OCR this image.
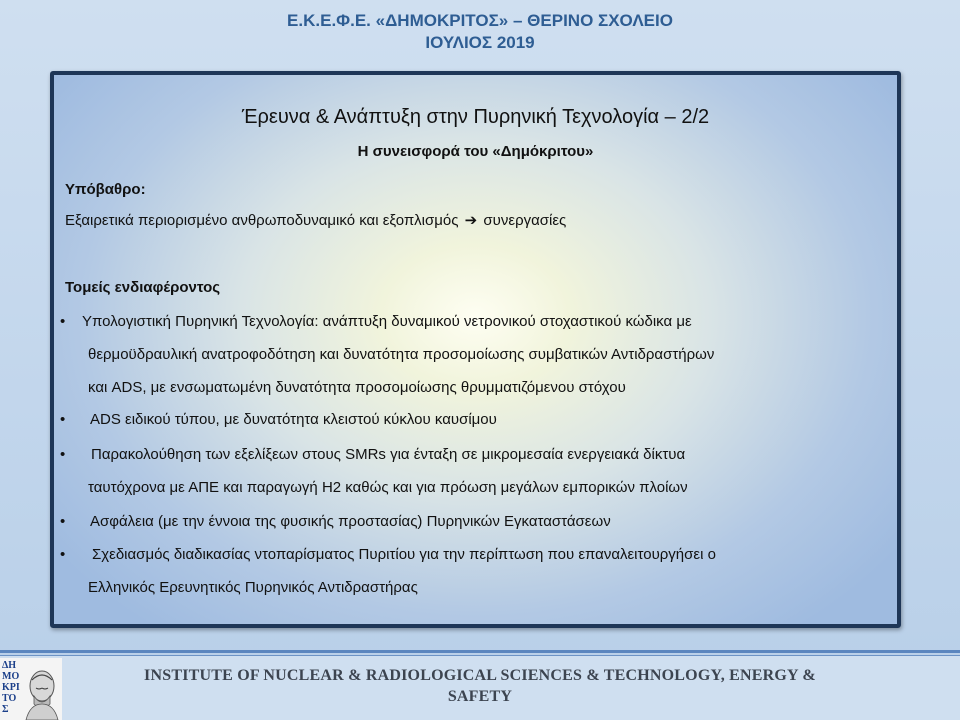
Ε.Κ.Ε.Φ.Ε. «ΔΗΜΟΚΡΙΤΟΣ» – ΘΕΡΙΝΟ ΣΧΟΛΕΙΟ
ΙΟΥΛΙΟΣ 2019
Έρευνα & Ανάπτυξη στην Πυρηνική Τεχνολογία – 2/2
Η συνεισφορά του «Δημόκριτου»
Υπόβαθρο:
Εξαιρετικά περιορισμένο ανθρωποδυναμικό και εξοπλισμός ➔ συνεργασίες
Τομείς ενδιαφέροντος
• Υπολογιστική Πυρηνική Τεχνολογία: ανάπτυξη δυναμικού νετρονικού στοχαστικού κώδικα με
θερμοϋδραυλική ανατροφοδότηση και δυνατότητα προσομοίωσης συμβατικών Αντιδραστήρων
και ADS, με ενσωματωμένη δυνατότητα προσομοίωσης θρυμματιζόμενου στόχου
• ADS ειδικού τύπου, με δυνατότητα κλειστού κύκλου καυσίμου
• Παρακολούθηση των εξελίξεων στους SMRs για ένταξη σε μικρομεσαία ενεργειακά δίκτυα
ταυτόχρονα με ΑΠΕ και παραγωγή Η2 καθώς και για πρόωση μεγάλων εμπορικών πλοίων
• Ασφάλεια (με την έννοια της φυσικής προστασίας) Πυρηνικών Εγκαταστάσεων
• Σχεδιασμός διαδικασίας ντοπαρίσματος Πυριτίου για την περίπτωση που επαναλειτουργήσει ο
Ελληνικός Ερευνητικός Πυρηνικός Αντιδραστήρας
ΔΗΜΟΚΡΙΤΟΣ
INSTITUTE OF NUCLEAR & RADIOLOGICAL SCIENCES & TECHNOLOGY, ENERGY &
SAFETY
